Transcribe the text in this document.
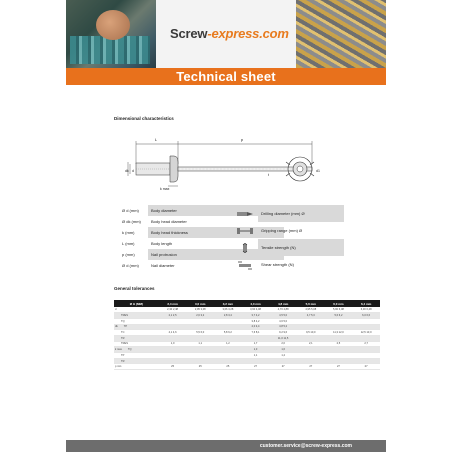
Screw-express.com
Technical sheet
Dimensional characteristics
L	p
dk d
k max
d1
t
Ø d (mm)	Body diameter
Ø dk (mm)	Body head diameter
k (mm)	Body head thickness
L (mm)	Body length
p (mm)	Nail protrusion
Ø d (mm)	Nail diameter
Drilling diameter (mm) Ø
Gripping range (mm) Ø
Tensile strength (N)
Shear strength (N)
General tolerances
Ø H (MM)	2,4 mm	3,0 mm	3,2 mm	4,0 mm	4,8 mm	5,0 mm	6,0 mm	6,4 mm
d	2,30 2,48	2,95 3,08	3,06 3,28	3,90 4,08	4,70 4,88	4,95 5,08	5,90 6,08	6,30 6,48
TRES	2,1 2,5	2,6 3,2	2,8 3,4	3,7 4,2	4,5 5,0	4,7 5,3	5,6 6,2	6,0 6,6
TQ				3,8 4,2	4,6 5,0			
dk TP				4,0 4,4	4,8 5,2			
TC	4,1 4,6	5,5 6,0	5,8 6,2	7,6 8,1	9,2 9,6	9,5 10,0	11,3 12,0	12,5 13,0
TR					11,0 11,5			
TRES	1,0	1,1	1,2	1,7	2,0	2,1	2,5	2,7
k max TQ				1,3	1,6			
TP				1,1	1,4			
TR								
p min	25	25	25	27	27	27	27	27
customer.service@screw-express.com
